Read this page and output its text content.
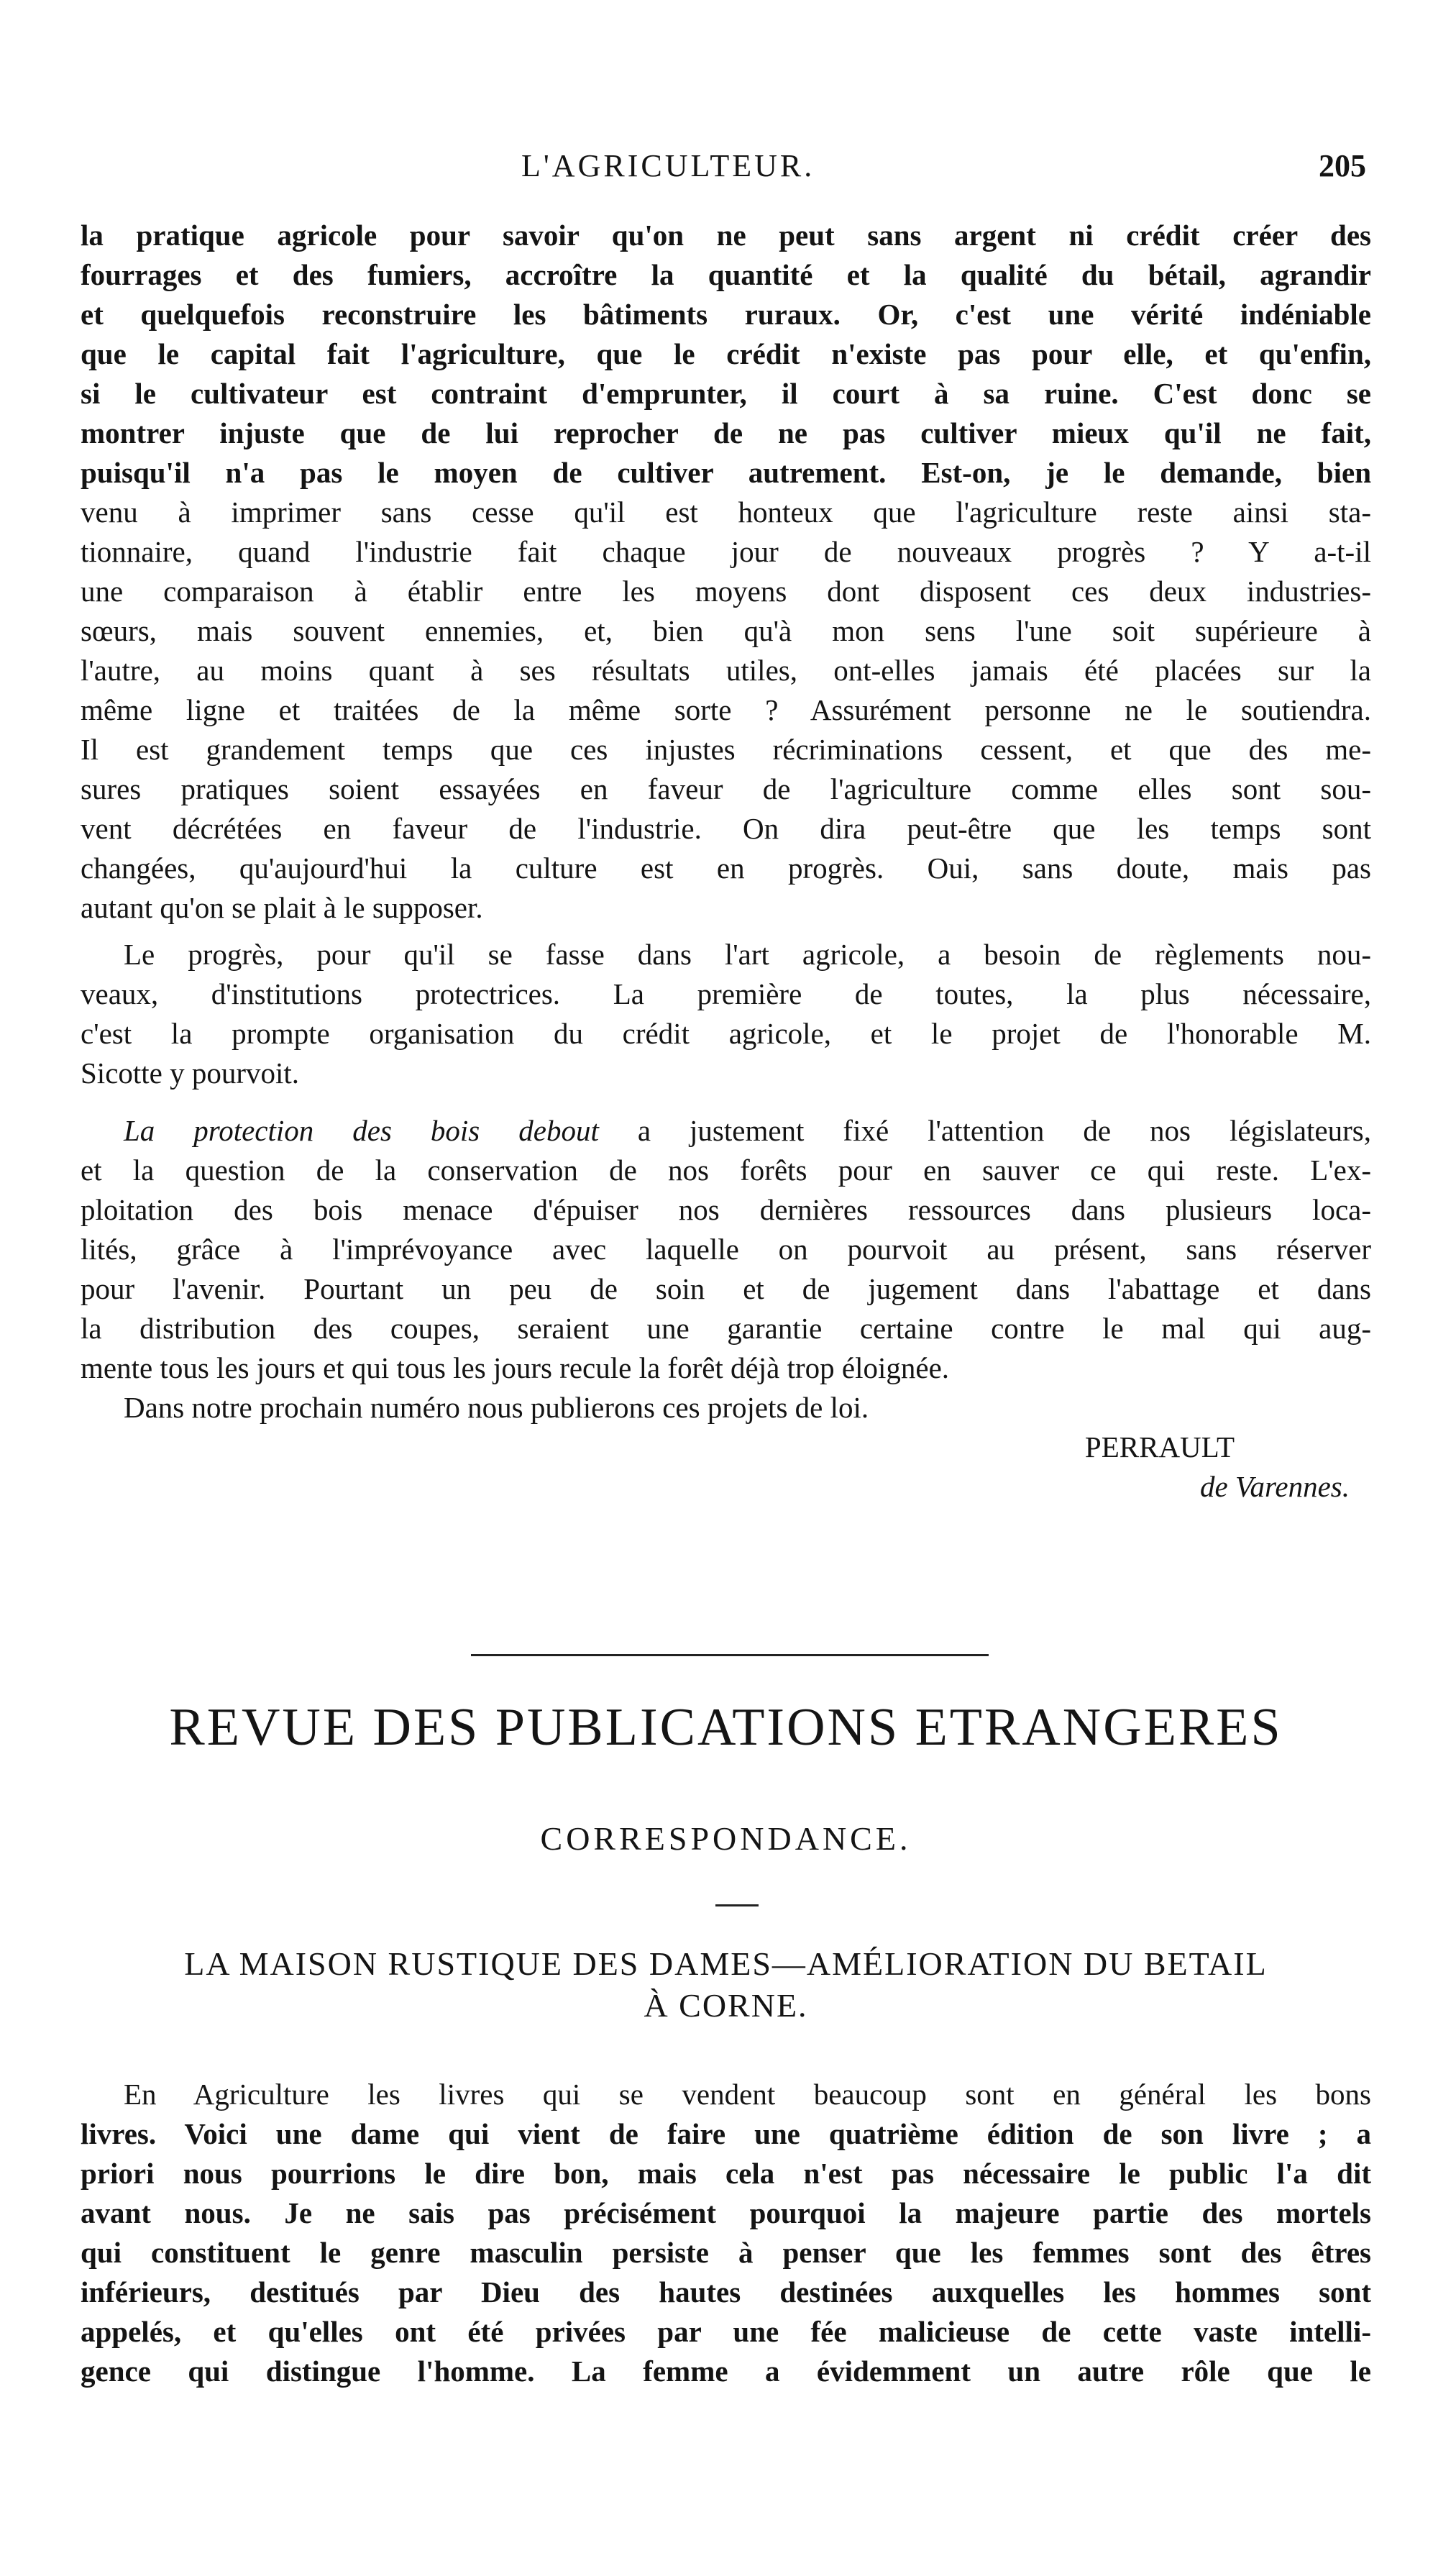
L'AGRICULTEUR.	205
la pratique agricole pour savoir qu'on ne peut sans argent ni crédit créer des
fourrages et des fumiers, accroître la quantité et la qualité du bétail, agrandir
et quelquefois reconstruire les bâtiments ruraux. Or, c'est une vérité indéniable
que le capital fait l'agriculture, que le crédit n'existe pas pour elle, et qu'enfin,
si le cultivateur est contraint d'emprunter, il court à sa ruine. C'est donc se
montrer injuste que de lui reprocher de ne pas cultiver mieux qu'il ne fait,
puisqu'il n'a pas le moyen de cultiver autrement. Est-on, je le demande, bien
venu à imprimer sans cesse qu'il est honteux que l'agriculture reste ainsi sta-
tionnaire, quand l'industrie fait chaque jour de nouveaux progrès ? Y a-t-il
une comparaison à établir entre les moyens dont disposent ces deux industries-
sœurs, mais souvent ennemies, et, bien qu'à mon sens l'une soit supérieure à
l'autre, au moins quant à ses résultats utiles, ont-elles jamais été placées sur la
même ligne et traitées de la même sorte ? Assurément personne ne le soutiendra.
Il est grandement temps que ces injustes récriminations cessent, et que des me-
sures pratiques soient essayées en faveur de l'agriculture comme elles sont sou-
vent décrétées en faveur de l'industrie. On dira peut-être que les temps sont
changées, qu'aujourd'hui la culture est en progrès. Oui, sans doute, mais pas
autant qu'on se plait à le supposer.
Le progrès, pour qu'il se fasse dans l'art agricole, a besoin de règlements nou-
veaux, d'institutions protectrices. La première de toutes, la plus nécessaire,
c'est la prompte organisation du crédit agricole, et le projet de l'honorable M.
Sicotte y pourvoit.
La protection des bois debout a justement fixé l'attention de nos législateurs,
et la question de la conservation de nos forêts pour en sauver ce qui reste. L'ex-
ploitation des bois menace d'épuiser nos dernières ressources dans plusieurs loca-
lités, grâce à l'imprévoyance avec laquelle on pourvoit au présent, sans réserver
pour l'avenir. Pourtant un peu de soin et de jugement dans l'abattage et dans
la distribution des coupes, seraient une garantie certaine contre le mal qui aug-
mente tous les jours et qui tous les jours recule la forêt déjà trop éloignée.
Dans notre prochain numéro nous publierons ces projets de loi.
PERRAULT
de Varennes.
REVUE DES PUBLICATIONS ETRANGERES
CORRESPONDANCE.
LA MAISON RUSTIQUE DES DAMES—AMÉLIORATION DU BETAIL
À CORNE.
En Agriculture les livres qui se vendent beaucoup sont en général les bons
livres. Voici une dame qui vient de faire une quatrième édition de son livre ; a
priori nous pourrions le dire bon, mais cela n'est pas nécessaire le public l'a dit
avant nous. Je ne sais pas précisément pourquoi la majeure partie des mortels
qui constituent le genre masculin persiste à penser que les femmes sont des êtres
inférieurs, destitués par Dieu des hautes destinées auxquelles les hommes sont
appelés, et qu'elles ont été privées par une fée malicieuse de cette vaste intelli-
gence qui distingue l'homme. La femme a évidemment un autre rôle que le
